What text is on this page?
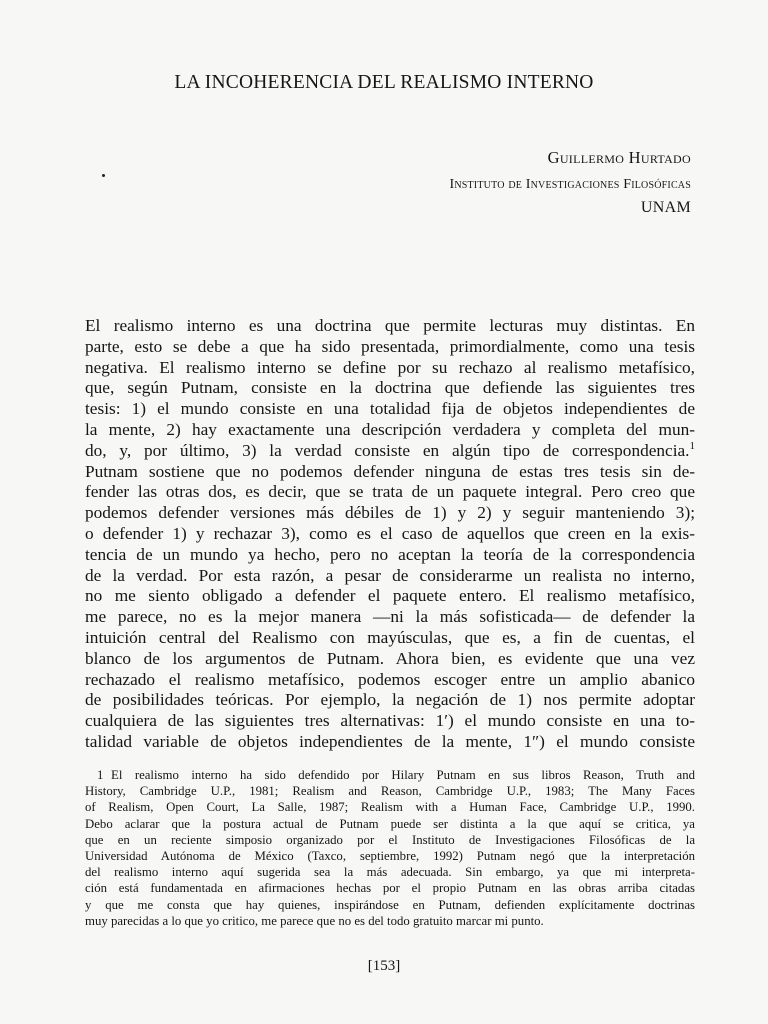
LA INCOHERENCIA DEL REALISMO INTERNO
Guillermo Hurtado
Instituto de Investigaciones Filosóficas
UNAM
El realismo interno es una doctrina que permite lecturas muy distintas. En
parte, esto se debe a que ha sido presentada, primordialmente, como una tesis
negativa. El realismo interno se define por su rechazo al realismo metafísico,
que, según Putnam, consiste en la doctrina que defiende las siguientes tres
tesis: 1) el mundo consiste en una totalidad fija de objetos independientes de
la mente, 2) hay exactamente una descripción verdadera y completa del mun-
do, y, por último, 3) la verdad consiste en algún tipo de correspondencia.$^1$
Putnam sostiene que no podemos defender ninguna de estas tres tesis sin de-
fender las otras dos, es decir, que se trata de un paquete integral. Pero creo que
podemos defender versiones más débiles de 1) y 2) y seguir manteniendo 3);
o defender 1) y rechazar 3), como es el caso de aquellos que creen en la exis-
tencia de un mundo ya hecho, pero no aceptan la teoría de la correspondencia
de la verdad. Por esta razón, a pesar de considerarme un realista no interno,
no me siento obligado a defender el paquete entero. El realismo metafísico,
me parece, no es la mejor manera —ni la más sofisticada— de defender la
intuición central del Realismo con mayúsculas, que es, a fin de cuentas, el
blanco de los argumentos de Putnam. Ahora bien, es evidente que una vez
rechazado el realismo metafísico, podemos escoger entre un amplio abanico
de posibilidades teóricas. Por ejemplo, la negación de 1) nos permite adoptar
cualquiera de las siguientes tres alternativas: 1′) el mundo consiste en una to-
talidad variable de objetos independientes de la mente, 1″) el mundo consiste
1 El realismo interno ha sido defendido por Hilary Putnam en sus libros Reason, Truth and
History, Cambridge U.P., 1981; Realism and Reason, Cambridge U.P., 1983; The Many Faces
of Realism, Open Court, La Salle, 1987; Realism with a Human Face, Cambridge U.P., 1990.
Debo aclarar que la postura actual de Putnam puede ser distinta a la que aquí se critica, ya
que en un reciente simposio organizado por el Instituto de Investigaciones Filosóficas de la
Universidad Autónoma de México (Taxco, septiembre, 1992) Putnam negó que la interpretación
del realismo interno aquí sugerida sea la más adecuada. Sin embargo, ya que mi interpreta-
ción está fundamentada en afirmaciones hechas por el propio Putnam en las obras arriba citadas
y que me consta que hay quienes, inspirándose en Putnam, defienden explícitamente doctrinas
muy parecidas a lo que yo critico, me parece que no es del todo gratuito marcar mi punto.
[153]
